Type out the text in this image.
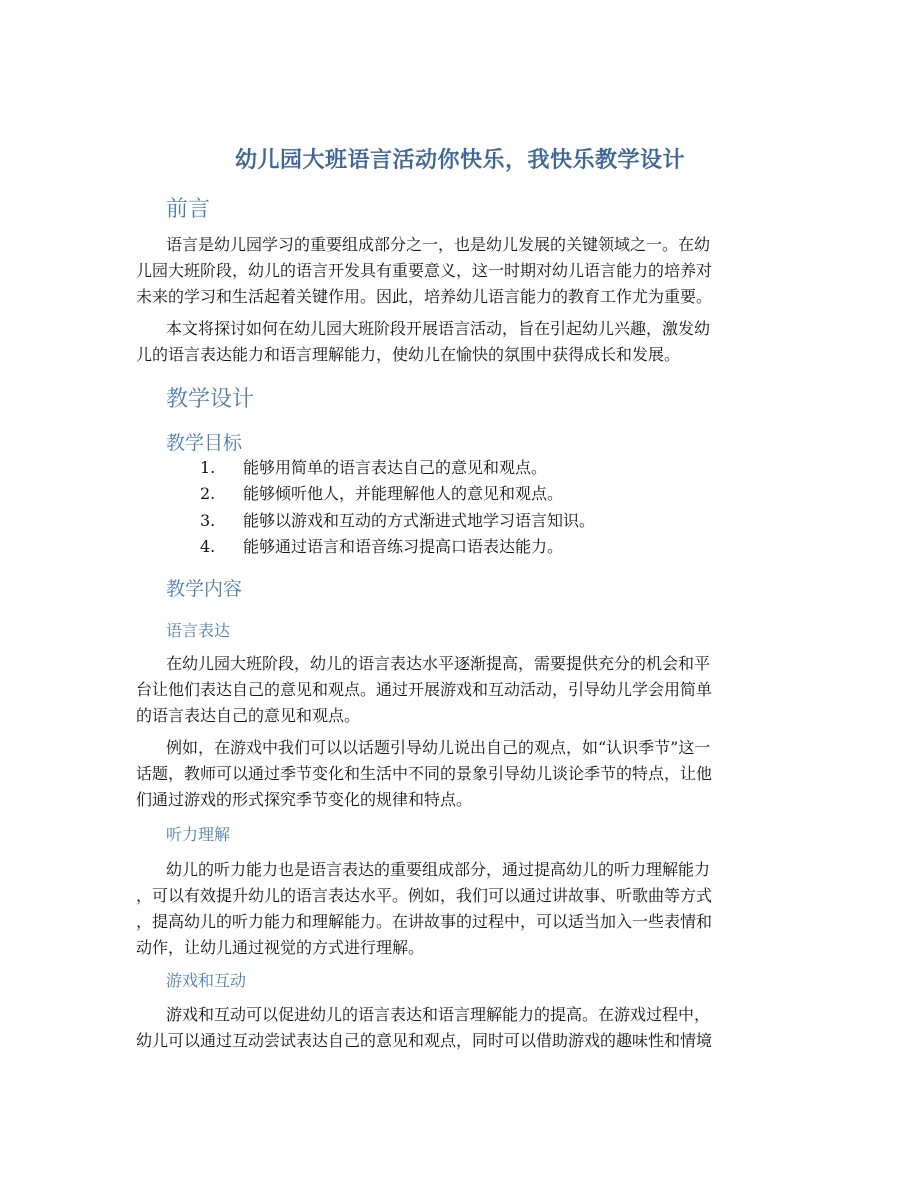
幼儿园大班语言活动你快乐，我快乐教学设计
前言
语言是幼儿园学习的重要组成部分之一，也是幼儿发展的关键领域之一。在幼
儿园大班阶段，幼儿的语言开发具有重要意义，这一时期对幼儿语言能力的培养对
未来的学习和生活起着关键作用。因此，培养幼儿语言能力的教育工作尤为重要。
本文将探讨如何在幼儿园大班阶段开展语言活动，旨在引起幼儿兴趣，激发幼
儿的语言表达能力和语言理解能力，使幼儿在愉快的氛围中获得成长和发展。
教学设计
教学目标
1. 能够用简单的语言表达自己的意见和观点。
2. 能够倾听他人，并能理解他人的意见和观点。
3. 能够以游戏和互动的方式渐进式地学习语言知识。
4. 能够通过语言和语音练习提高口语表达能力。
教学内容
语言表达
在幼儿园大班阶段，幼儿的语言表达水平逐渐提高，需要提供充分的机会和平
台让他们表达自己的意见和观点。通过开展游戏和互动活动，引导幼儿学会用简单
的语言表达自己的意见和观点。
例如，在游戏中我们可以以话题引导幼儿说出自己的观点，如“认识季节”这一
话题，教师可以通过季节变化和生活中不同的景象引导幼儿谈论季节的特点，让他
们通过游戏的形式探究季节变化的规律和特点。
听力理解
幼儿的听力能力也是语言表达的重要组成部分，通过提高幼儿的听力理解能力
，可以有效提升幼儿的语言表达水平。例如，我们可以通过讲故事、听歌曲等方式
，提高幼儿的听力能力和理解能力。在讲故事的过程中，可以适当加入一些表情和
动作，让幼儿通过视觉的方式进行理解。
游戏和互动
游戏和互动可以促进幼儿的语言表达和语言理解能力的提高。在游戏过程中，
幼儿可以通过互动尝试表达自己的意见和观点，同时可以借助游戏的趣味性和情境
